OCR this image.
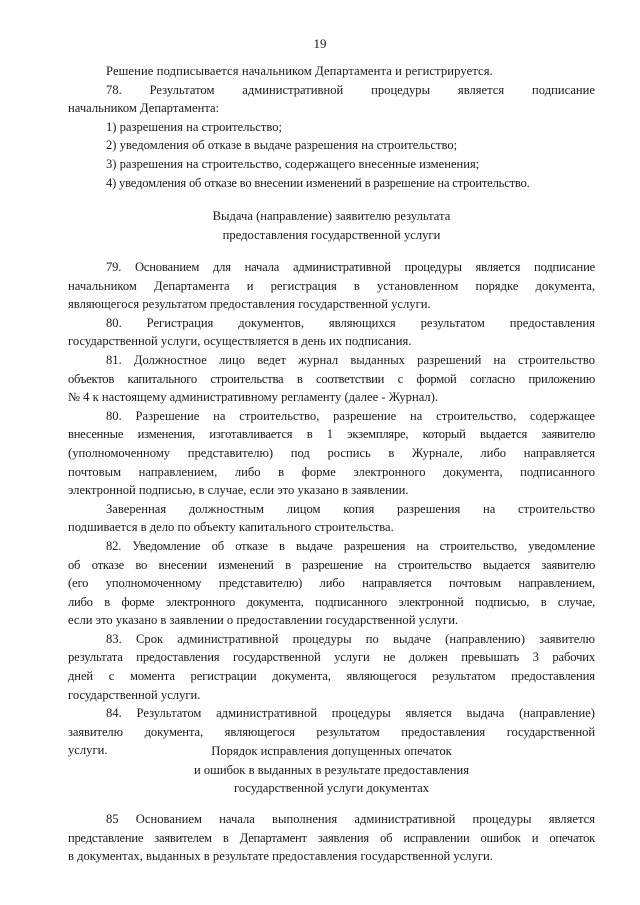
19
Решение подписывается начальником Департамента и регистрируется.
78. Результатом административной процедуры является подписание
начальником Департамента:
1) разрешения на строительство;
2) уведомления об отказе в выдаче разрешения на строительство;
3) разрешения на строительство, содержащего внесенные изменения;
4) уведомления об отказе во внесении изменений в разрешение на строительство.
Выдача (направление) заявителю результата
предоставления государственной услуги
79. Основанием для начала административной процедуры является подписание
начальником Департамента и регистрация в установленном порядке документа,
являющегося результатом предоставления государственной услуги.
80. Регистрация документов, являющихся результатом предоставления
государственной услуги, осуществляется в день их подписания.
81. Должностное лицо ведет журнал выданных разрешений на строительство
объектов капитального строительства в соответствии с формой согласно приложению
№ 4 к настоящему административному регламенту (далее - Журнал).
80. Разрешение на строительство, разрешение на строительство, содержащее
внесенные изменения, изготавливается в 1 экземпляре, который выдается заявителю
(уполномоченному представителю) под роспись в Журнале, либо направляется
почтовым направлением, либо в форме электронного документа, подписанного
электронной подписью, в случае, если это указано в заявлении.
Заверенная должностным лицом копия разрешения на строительство
подшивается в дело по объекту капитального строительства.
82. Уведомление об отказе в выдаче разрешения на строительство, уведомление
об отказе во внесении изменений в разрешение на строительство выдается заявителю
(его уполномоченному представителю) либо направляется почтовым направлением,
либо в форме электронного документа, подписанного электронной подписью, в случае,
если это указано в заявлении о предоставлении государственной услуги.
83. Срок административной процедуры по выдаче (направлению) заявителю
результата предоставления государственной услуги не должен превышать 3 рабочих
дней с момента регистрации документа, являющегося результатом предоставления
государственной услуги.
84. Результатом административной процедуры является выдача (направление)
заявителю документа, являющегося результатом предоставления государственной
услуги.	Порядок исправления допущенных опечаток
и ошибок в выданных в результате предоставления
государственной услуги документах
85 Основанием начала выполнения административной процедуры является
представление заявителем в Департамент заявления об исправлении ошибок и опечаток
в документах, выданных в результате предоставления государственной услуги.
